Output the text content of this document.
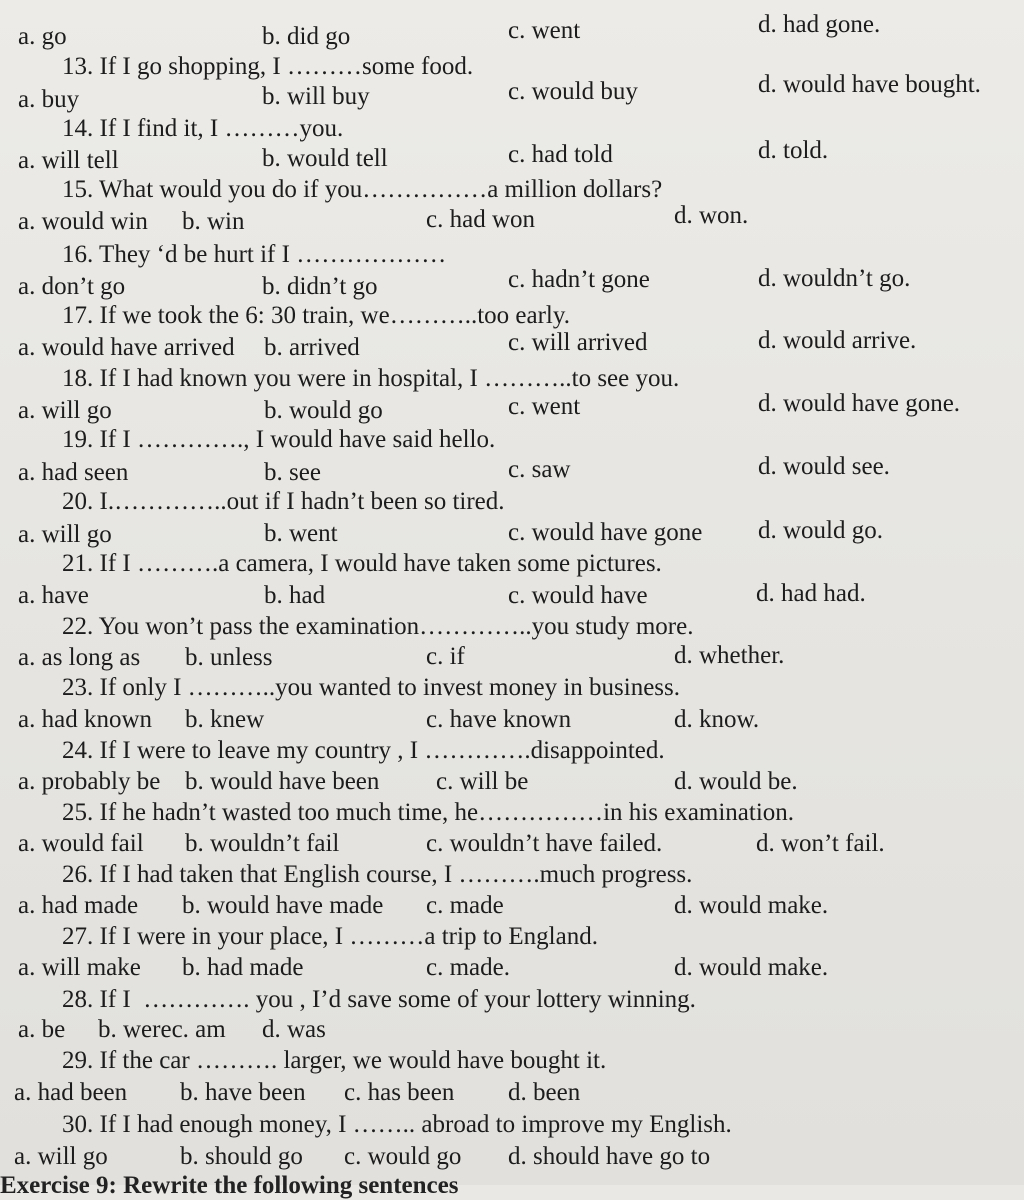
a. go	b. did go	c. went	d. had gone.
13. If I go shopping, I ………some food.
a. buy	b. will buy	c. would buy	d. would have bought.
14. If I find it, I ………you.
a. will tell	b. would tell	c. had told	d. told.
15. What would you do if you……………a million dollars?
a. would win b. win	c. had won	d. won.
16. They ‘d be hurt if I ………………
a. don’t go	b. didn’t go	c. hadn’t gone	d. wouldn’t go.
17. If we took the 6: 30 train, we………..too early.
a. would have arrived b. arrived	c. will arrived	d. would arrive.
18. If I had known you were in hospital, I ………..to see you.
a. will go	b. would go	c. went	d. would have gone.
19. If I …………., I would have said hello.
a. had seen	b. see	c. saw	d. would see.
20. I.…………..out if I hadn’t been so tired.
a. will go	b. went	c. would have gone d. would go.
21. If I ……….a camera, I would have taken some pictures.
a. have	b. had	c. would have	d. had had.
22. You won’t pass the examination…………..you study more.
a. as long as b. unless	c. if	d. whether.
23. If only I ………..you wanted to invest money in business.
a. had known b. knew	c. have known	d. know.
24. If I were to leave my country , I ………….disappointed.
a. probably be b. would have been c. will be	d. would be.
25. If he hadn’t wasted too much time, he……………in his examination.
a. would fail b. wouldn’t fail	c. wouldn’t have failed.	d. won’t fail.
26. If I had taken that English course, I ……….much progress.
a. had made b. would have made c. made	d. would make.
27. If I were in your place, I ………a trip to England.
a. will make b. had made	c. made.	d. would make.
28. If I  …………. you , I’d save some of your lottery winning.
a. be b. werec. am d. was
29. If the car ………. larger, we would have bought it.
a. had been b. have been c. has been d. been
30. If I had enough money, I …….. abroad to improve my English.
a. will go	b. should go c. would go d. should have go to
Exercise 9: Rewrite the following sentences
